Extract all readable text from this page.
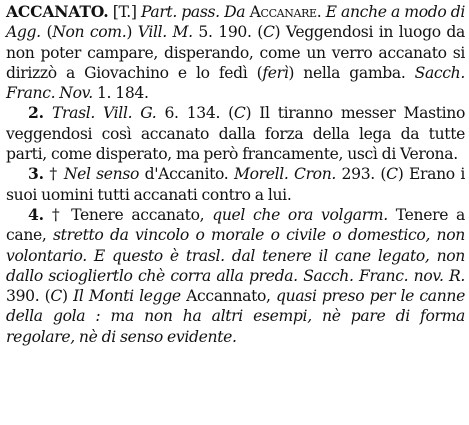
ACCANATO. [T.] Part. pass. Da Accanare. E anche a modo di Agg. (Non com.) Vill. M. 5. 190. (C) Veggendosi in luogo da non poter campare, disperando, come un verro accanato si dirizzò a Giovachino e lo fedì (ferì) nella gamba. Sacch. Franc. Nov. 1. 184.

2. Trasl. Vill. G. 6. 134. (C) Il tiranno messer Mastino veggendosi così accanato dalla forza della lega da tutte parti, come disperato, ma però francamente, uscì di Verona.

3. † Nel senso d'Accanito. Morell. Cron. 293. (C) Erano i suoi uomini tutti accanati contro a lui.

4. † Tenere accanato, quel che ora volgarm. Tenere a cane, stretto da vincolo o morale o civile o domestico, non volontario. E questo è trasl. dal tenere il cane legato, non dallo sciogliertlo chè corra alla preda. Sacch. Franc. nov. R. 390. (C) Il Monti legge Accannato, quasi preso per le canne della gola : ma non ha altri esempi, nè pare di forma regolare, nè di senso evidente.
